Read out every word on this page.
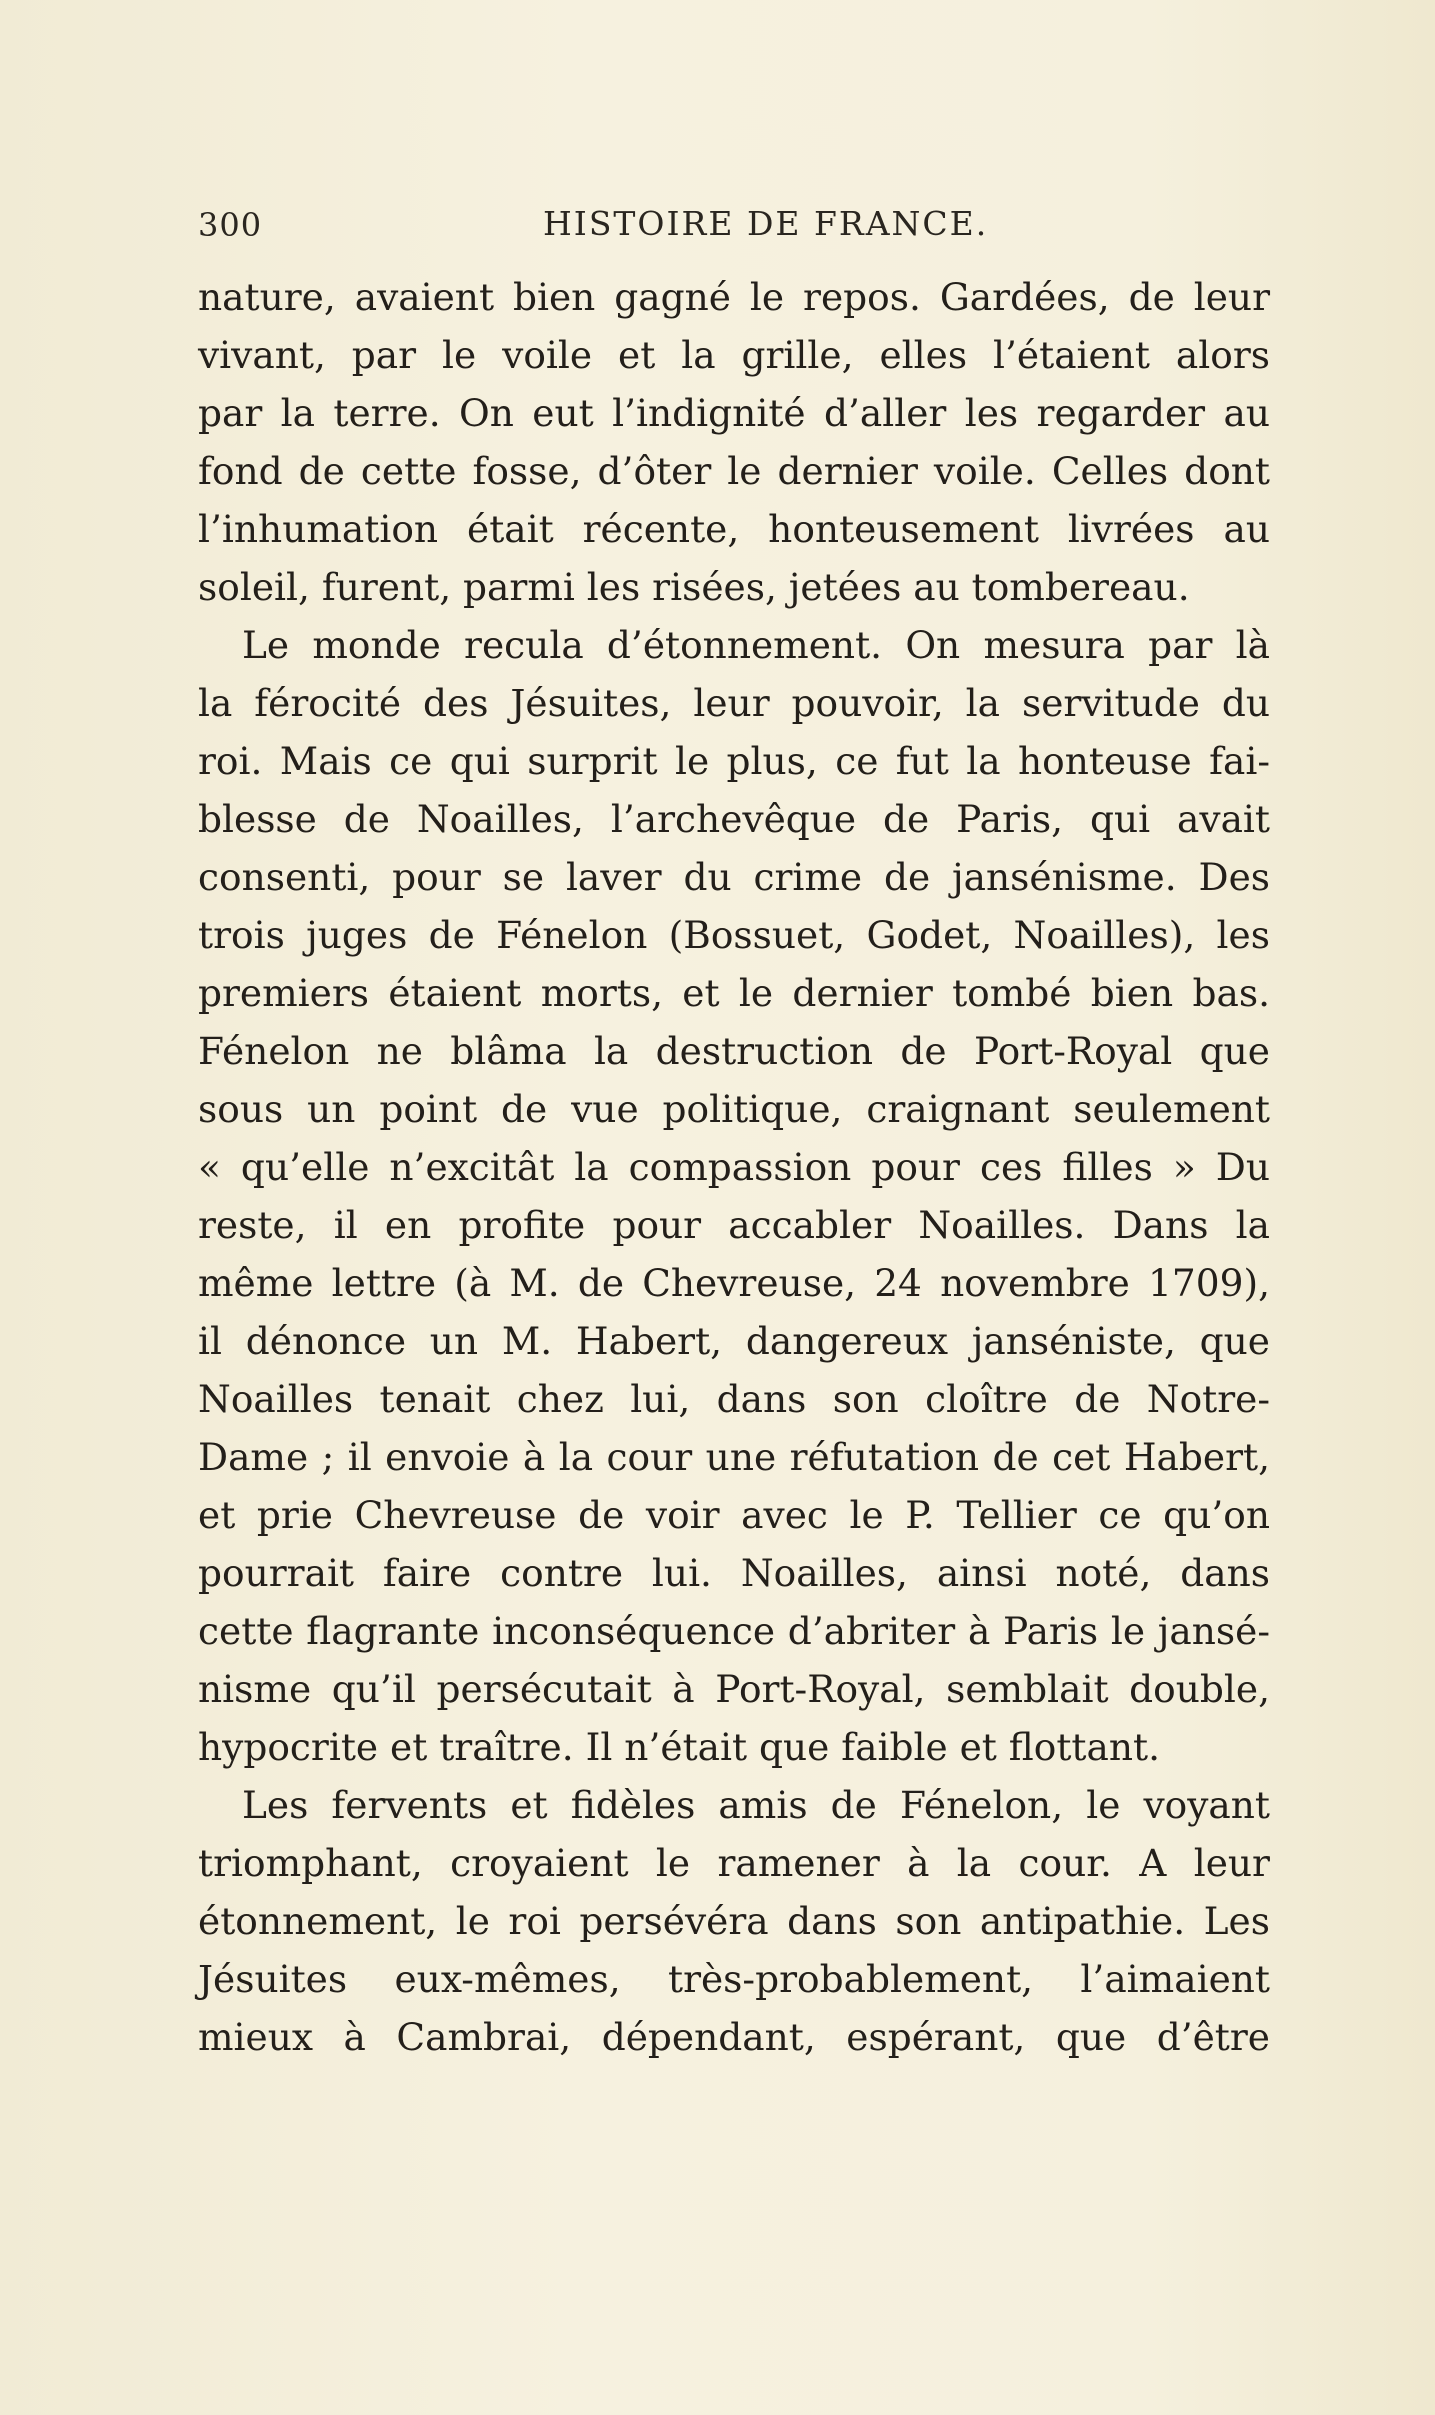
300	HISTOIRE DE FRANCE.
nature, avaient bien gagné le repos. Gardées, de leur
vivant, par le voile et la grille, elles l’étaient alors
par la terre. On eut l’indignité d’aller les regarder au
fond de cette fosse, d’ôter le dernier voile. Celles dont
l’inhumation était récente, honteusement livrées au
soleil, furent, parmi les risées, jetées au tombereau.
Le monde recula d’étonnement. On mesura par là
la férocité des Jésuites, leur pouvoir, la servitude du
roi. Mais ce qui surprit le plus, ce fut la honteuse fai-
blesse de Noailles, l’archevêque de Paris, qui avait
consenti, pour se laver du crime de jansénisme. Des
trois juges de Fénelon (Bossuet, Godet, Noailles), les
premiers étaient morts, et le dernier tombé bien bas.
Fénelon ne blâma la destruction de Port-Royal que
sous un point de vue politique, craignant seulement
« qu’elle n’excitât la compassion pour ces filles » Du
reste, il en profite pour accabler Noailles. Dans la
même lettre (à M. de Chevreuse, 24 novembre 1709),
il dénonce un M. Habert, dangereux janséniste, que
Noailles tenait chez lui, dans son cloître de Notre-
Dame ; il envoie à la cour une réfutation de cet Habert,
et prie Chevreuse de voir avec le P. Tellier ce qu’on
pourrait faire contre lui. Noailles, ainsi noté, dans
cette flagrante inconséquence d’abriter à Paris le jansé-
nisme qu’il persécutait à Port-Royal, semblait double,
hypocrite et traître. Il n’était que faible et flottant.
Les fervents et fidèles amis de Fénelon, le voyant
triomphant, croyaient le ramener à la cour. A leur
étonnement, le roi persévéra dans son antipathie. Les
Jésuites eux-mêmes, très-probablement, l’aimaient
mieux à Cambrai, dépendant, espérant, que d’être
